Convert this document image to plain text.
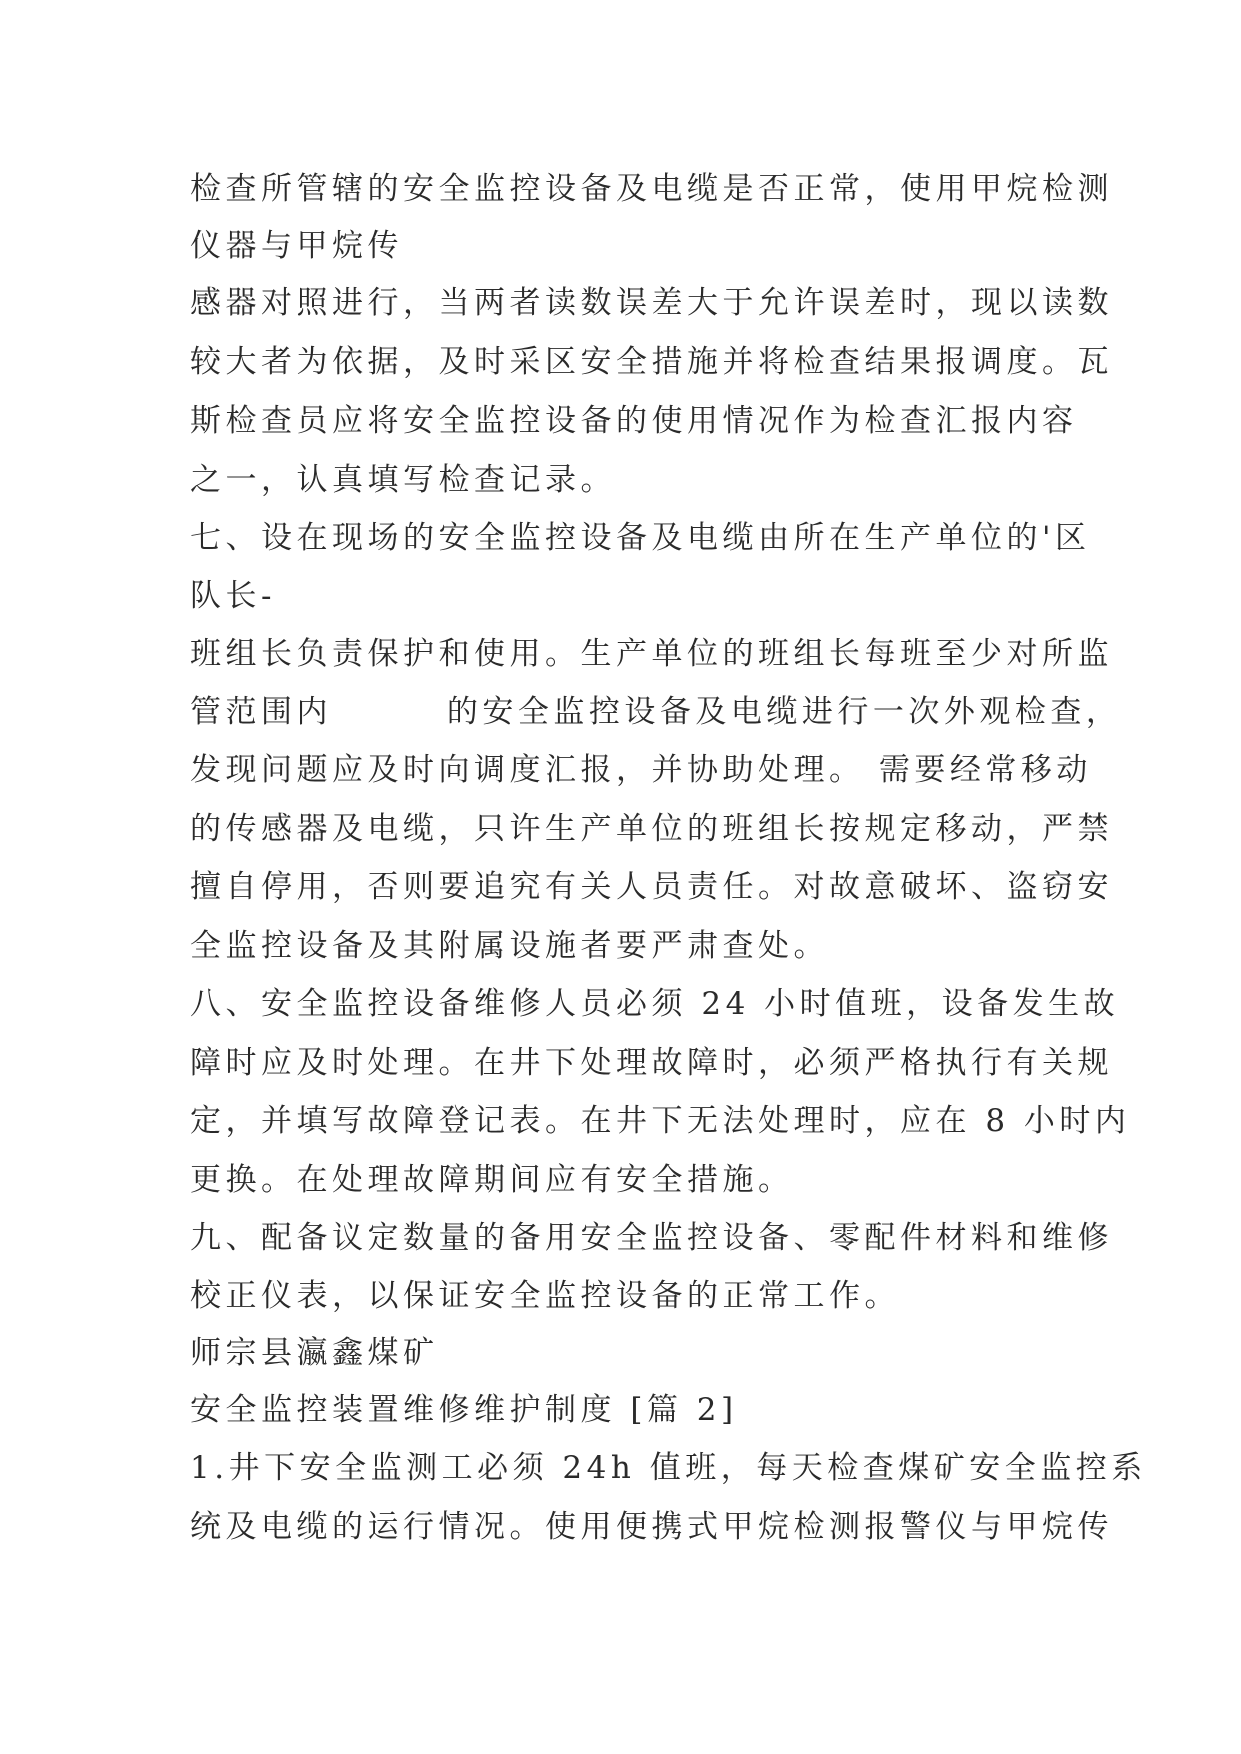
检查所管辖的安全监控设备及电缆是否正常，使用甲烷检测
仪器与甲烷传
感器对照进行，当两者读数误差大于允许误差时，现以读数
较大者为依据，及时采区安全措施并将检查结果报调度。瓦
斯检查员应将安全监控设备的使用情况作为检查汇报内容
之一，认真填写检查记录。
七、设在现场的安全监控设备及电缆由所在生产单位的'区
队长-
班组长负责保护和使用。生产单位的班组长每班至少对所监
管范围内        的安全监控设备及电缆进行一次外观检查，
发现问题应及时向调度汇报，并协助处理。 需要经常移动
的传感器及电缆，只许生产单位的班组长按规定移动，严禁
擅自停用，否则要追究有关人员责任。对故意破坏、盗窃安
全监控设备及其附属设施者要严肃查处。
八、安全监控设备维修人员必须 24 小时值班，设备发生故
障时应及时处理。在井下处理故障时，必须严格执行有关规
定，并填写故障登记表。在井下无法处理时，应在 8 小时内
更换。在处理故障期间应有安全措施。
九、配备议定数量的备用安全监控设备、零配件材料和维修
校正仪表，以保证安全监控设备的正常工作。
师宗县瀛鑫煤矿
安全监控装置维修维护制度 [篇 2]
1.井下安全监测工必须 24h 值班，每天检查煤矿安全监控系
统及电缆的运行情况。使用便携式甲烷检测报警仪与甲烷传
